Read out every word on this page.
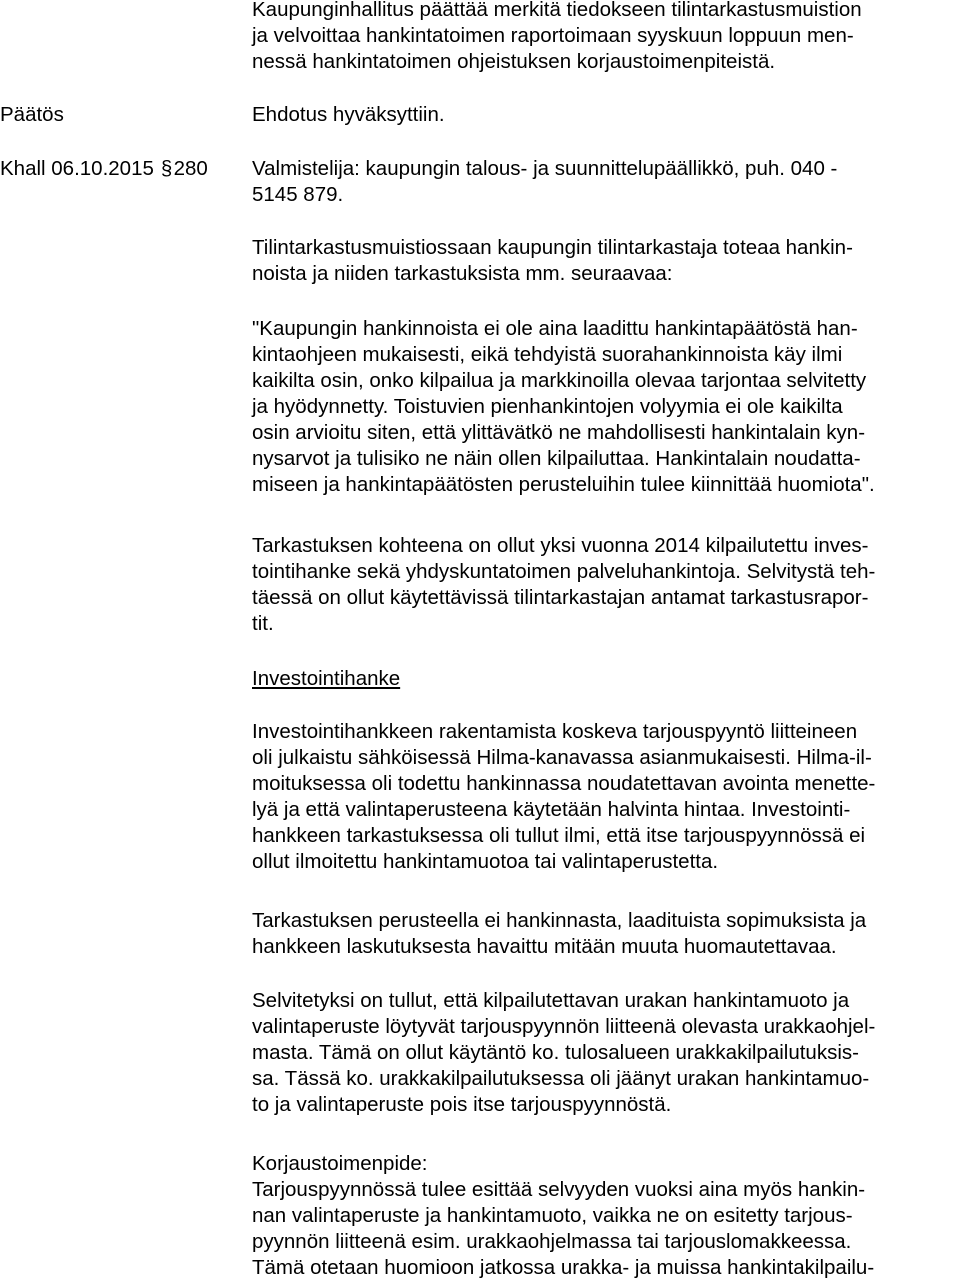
Kaupunginhallitus päättää merkitä tiedokseen tilintarkastusmuistion
ja velvoittaa hankintatoimen raportoimaan syyskuun loppuun men-
nessä hankintatoimen ohjeistuksen korjaustoimenpiteistä.
Päätös	Ehdotus hyväksyttiin.
Khall 06.10.2015 §280 Valmistelija: kaupungin talous- ja suunnittelupäällikkö, puh. 040 -
5145 879.
Tilintarkastusmuistiossaan kaupungin tilintarkastaja toteaa hankin-
noista ja niiden tarkastuksista mm. seuraavaa:
"Kaupungin hankinnoista ei ole aina laadittu hankintapäätöstä han-
kintaohjeen mukaisesti, eikä tehdyistä suorahankinnoista käy ilmi
kaikilta osin, onko kilpailua ja markkinoilla olevaa tarjontaa selvitetty
ja hyödynnetty. Toistuvien pienhankintojen volyymia ei ole kaikilta
osin arvioitu siten, että ylittävätkö ne mahdollisesti hankintalain kyn-
nysarvot ja tulisiko ne näin ollen kilpailuttaa. Hankintalain noudatta-
miseen ja hankintapäätösten perusteluihin tulee kiinnittää huomiota".
Tarkastuksen kohteena on ollut yksi vuonna 2014 kilpailutettu inves-
tointihanke sekä yhdyskuntatoimen palveluhankintoja. Selvitystä teh-
täessä on ollut käytettävissä tilintarkastajan antamat tarkastusrapor-
tit.
Investointihanke
Investointihankkeen rakentamista koskeva tarjouspyyntö liitteineen
oli julkaistu sähköisessä Hilma-kanavassa asianmukaisesti. Hilma-il-
moituksessa oli todettu hankinnassa noudatettavan avointa menette-
lyä ja että valintaperusteena käytetään halvinta hintaa. Investointi-
hankkeen tarkastuksessa oli tullut ilmi, että itse tarjouspyynnössä ei
ollut ilmoitettu hankintamuotoa tai valintaperustetta.
Tarkastuksen perusteella ei hankinnasta, laadituista sopimuksista ja
hankkeen laskutuksesta havaittu mitään muuta huomautettavaa.
Selvitetyksi on tullut, että kilpailutettavan urakan hankintamuoto ja
valintaperuste löytyvät tarjouspyynnön liitteenä olevasta urakkaohjel-
masta. Tämä on ollut käytäntö ko. tulosalueen urakkakilpailutuksis-
sa. Tässä ko. urakkakilpailutuksessa oli jäänyt urakan hankintamuo-
to ja valintaperuste pois itse tarjouspyynnöstä.
Korjaustoimenpide:
Tarjouspyynnössä tulee esittää selvyyden vuoksi aina myös hankin-
nan valintaperuste ja hankintamuoto, vaikka ne on esitetty tarjous-
pyynnön liitteenä esim. urakkaohjelmassa tai tarjouslomakkeessa.
Tämä otetaan huomioon jatkossa urakka- ja muissa hankintakilpailu-
